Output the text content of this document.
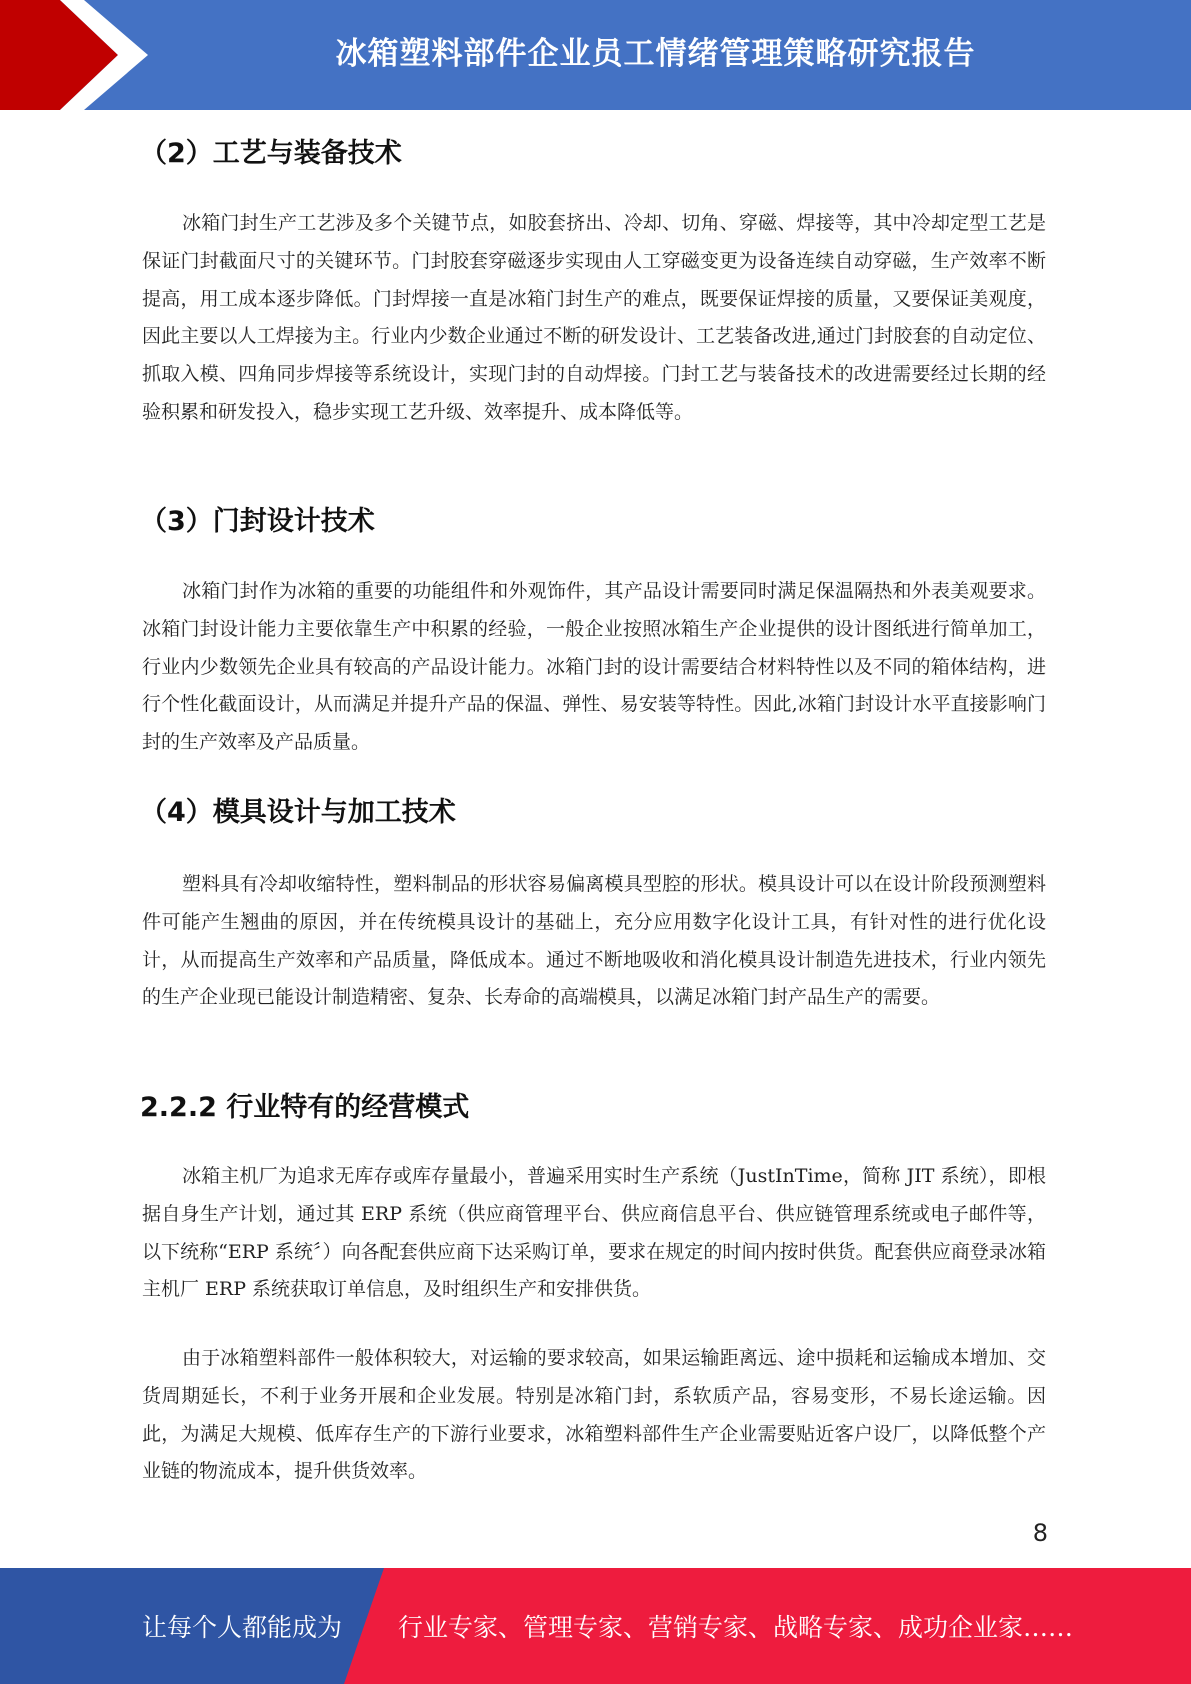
冰箱塑料部件企业员工情绪管理策略研究报告
（2）工艺与装备技术

冰箱门封生产工艺涉及多个关键节点，如胶套挤出、冷却、切角、穿磁、焊接等，其中冷却定型工艺是保证门封截面尺寸的关键环节。门封胶套穿磁逐步实现由人工穿磁变更为设备连续自动穿磁，生产效率不断提高，用工成本逐步降低。门封焊接一直是冰箱门封生产的难点，既要保证焊接的质量，又要保证美观度，因此主要以人工焊接为主。行业内少数企业通过不断的研发设计、工艺装备改进,通过门封胶套的自动定位、抓取入模、四角同步焊接等系统设计，实现门封的自动焊接。门封工艺与装备技术的改进需要经过长期的经验积累和研发投入，稳步实现工艺升级、效率提升、成本降低等。

（3）门封设计技术

冰箱门封作为冰箱的重要的功能组件和外观饰件，其产品设计需要同时满足保温隔热和外表美观要求。冰箱门封设计能力主要依靠生产中积累的经验，一般企业按照冰箱生产企业提供的设计图纸进行简单加工，行业内少数领先企业具有较高的产品设计能力。冰箱门封的设计需要结合材料特性以及不同的箱体结构，进行个性化截面设计，从而满足并提升产品的保温、弹性、易安装等特性。因此,冰箱门封设计水平直接影响门封的生产效率及产品质量。

（4）模具设计与加工技术

塑料具有冷却收缩特性，塑料制品的形状容易偏离模具型腔的形状。模具设计可以在设计阶段预测塑料件可能产生翘曲的原因，并在传统模具设计的基础上，充分应用数字化设计工具，有针对性的进行优化设计，从而提高生产效率和产品质量，降低成本。通过不断地吸收和消化模具设计制造先进技术，行业内领先的生产企业现已能设计制造精密、复杂、长寿命的高端模具，以满足冰箱门封产品生产的需要。

2.2.2 行业特有的经营模式

冰箱主机厂为追求无库存或库存量最小，普遍采用实时生产系统（JustInTime，简称 JIT 系统），即根据自身生产计划，通过其 ERP 系统（供应商管理平台、供应商信息平台、供应链管理系统或电子邮件等，以下统称“ERP 系统〞）向各配套供应商下达采购订单，要求在规定的时间内按时供货。配套供应商登录冰箱主机厂 ERP 系统获取订单信息，及时组织生产和安排供货。

由于冰箱塑料部件一般体积较大，对运输的要求较高，如果运输距离远、途中损耗和运输成本增加、交货周期延长，不利于业务开展和企业发展。特别是冰箱门封，系软质产品，容易变形，不易长途运输。因此，为满足大规模、低库存生产的下游行业要求，冰箱塑料部件生产企业需要贴近客户设厂，以降低整个产业链的物流成本，提升供货效率。

8
让每个人都能成为 行业专家、管理专家、营销专家、战略专家、成功企业家……
